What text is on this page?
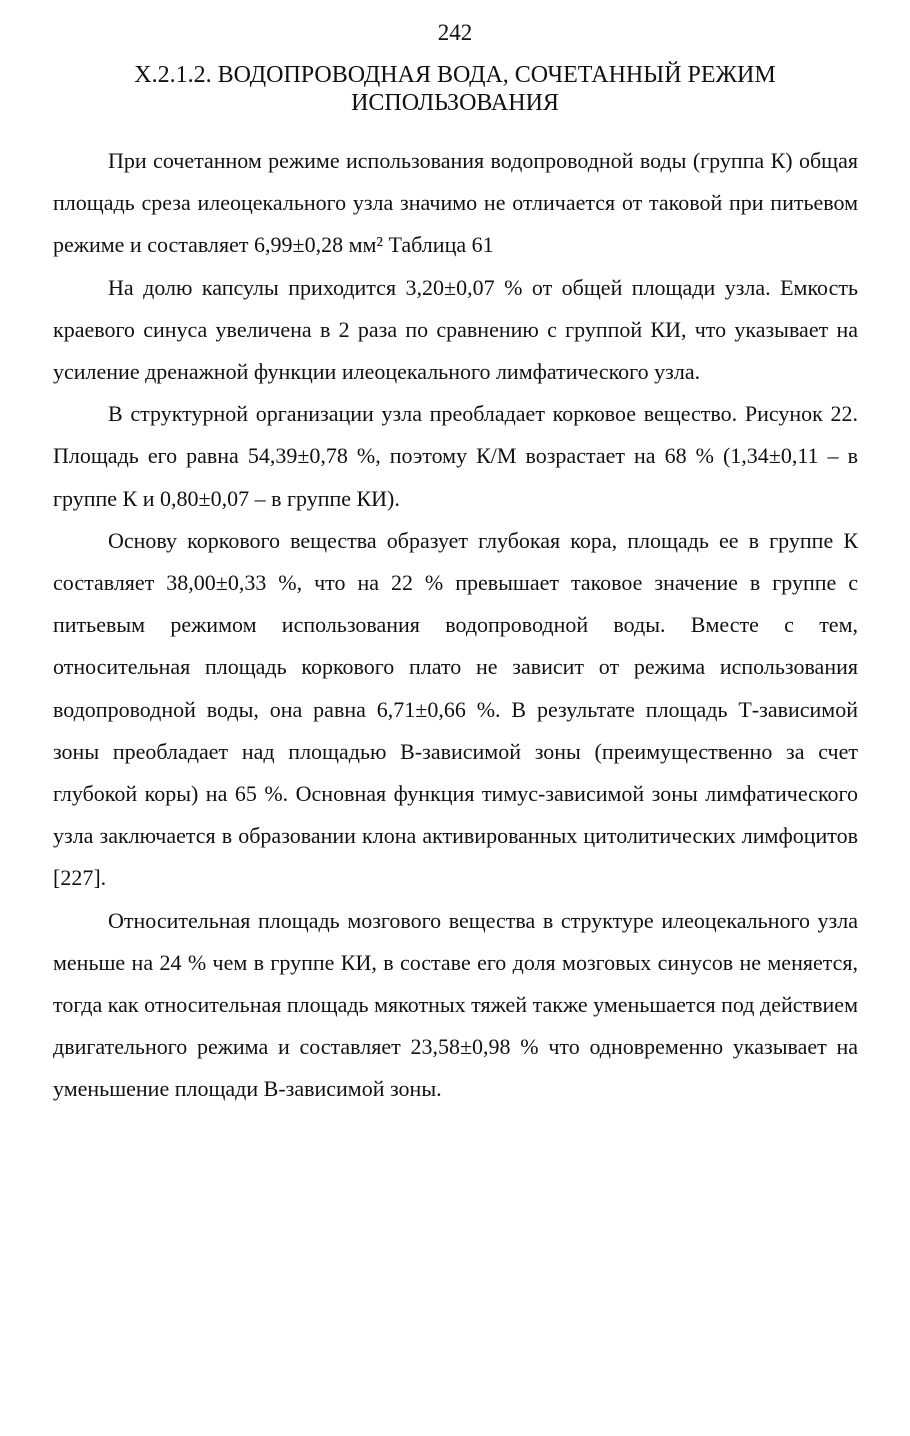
242
X.2.1.2. ВОДОПРОВОДНАЯ ВОДА, СОЧЕТАННЫЙ РЕЖИМ
ИСПОЛЬЗОВАНИЯ

При сочетанном режиме использования водопроводной воды (группа К) общая площадь среза илеоцекального узла значимо не отличается от таковой при питьевом режиме и составляет 6,99±0,28 мм² Таблица 61

На долю капсулы приходится 3,20±0,07 % от общей площади узла. Емкость краевого синуса увеличена в 2 раза по сравнению с группой КИ, что указывает на усиление дренажной функции илеоцекального лимфатического узла.

В структурной организации узла преобладает корковое вещество. Рисунок 22. Площадь его равна 54,39±0,78 %, поэтому К/М возрастает на 68 % (1,34±0,11 – в группе К и 0,80±0,07 – в группе КИ).

Основу коркового вещества образует глубокая кора, площадь ее в группе К составляет 38,00±0,33 %, что на 22 % превышает таковое значение в группе с питьевым режимом использования водопроводной воды. Вместе с тем, относительная площадь коркового плато не зависит от режима использования водопроводной воды, она равна 6,71±0,66 %. В результате площадь Т-зависимой зоны преобладает над площадью В-зависимой зоны (преимущественно за счет глубокой коры) на 65 %. Основная функция тимус-зависимой зоны лимфатического узла заключается в образовании клона активированных цитолитических лимфоцитов [227].

Относительная площадь мозгового вещества в структуре илеоцекального узла меньше на 24 % чем в группе КИ, в составе его доля мозговых синусов не меняется, тогда как относительная площадь мякотных тяжей также уменьшается под действием двигательного режима и составляет 23,58±0,98 % что одновременно указывает на уменьшение площади В-зависимой зоны.
